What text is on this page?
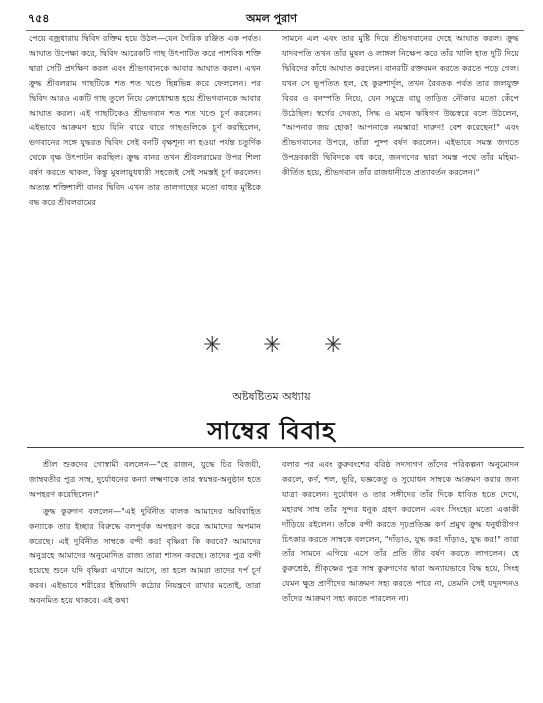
৭৫৪	অমল পুরাণ

পেয়ে বজ্রধারায় দ্বিবিদ রক্তিম হয়ে উঠল—যেন গৈরিক রঞ্জিত এক পর্বত। আঘাত উপেক্ষা করে, দ্বিবিদ আরেকটি গাছ উৎপাটিত করে পাশবিক শক্তি দ্বারা সেটি প্রদক্ষিণ করল এবং শ্রীভগবানকে আবার আঘাত করল। এখন ক্রুদ্ধ শ্রীবলরাম গাছটিকে শত শত খণ্ডে ছিন্নভিন্ন করে ফেললেন। পর দ্বিবিদ আরও একটি গাছ তুলে নিয়ে ক্রোধোন্মত্ত হয়ে শ্রীভগবানকে আবার আঘাত করল। এই গাছটিকেও শ্রীভগবান শত শত খণ্ডে চূর্ণ করলেন। এইভাবে আক্রমণ হয়ে যিনি বারে বারে গাছগুলিকে চূর্ণ করছিলেন, ভগবানের সঙ্গে যুদ্ধরত দ্বিবিদ সেই বনটি বৃক্ষশূন্য না হওয়া পর্যন্ত চতুর্দিক থেকে বৃক্ষ উৎপাটন করছিল। ক্রুদ্ধ বানর তখন শ্রীবলরামের উপর শিলা বর্ষণ করতে থাকল, কিন্তু মুষলায়ুধধারী সহজেই সেই সমস্তই চূর্ণ করলেন। অত্যন্ত শক্তিশালী বানর দ্বিবিদ এখন তার তালগাছের মতো বাহুর মুষ্টিকে বদ্ধ করে শ্রীবলরামের

সামনে এল এবং তার মুষ্টি দিয়ে শ্রীভগবানের দেহে আঘাত করল। ক্রুদ্ধ যাদবপতি তখন তাঁর মুষল ও লাঙ্গল নিক্ষেপ করে তাঁর খালি হাত দুটি দিয়ে দ্বিবিদের কাঁধে আঘাত করলেন। বানরটি রক্তবমন করতে করতে পড়ে গেল। যখন সে ভূপতিত হল, হে কুরুশার্দূল, তখন রৈবতক পর্বত তার জলযুক্ত বিবর ও বনস্পতি নিয়ে, যেন সমুদ্রে বায়ু তাড়িত নৌকার মতো কেঁপে উঠেছিল। স্বর্গের দেবতা, সিদ্ধ ও মহান ঋষিগণ উচ্চস্বরে বলে উঠলেন, "আপনার জয় হোক! আপনাকে নমস্কার! দারুণ! বেশ করেছেন!" এবং শ্রীভগবানের উপরে, তাঁরা পুষ্প বর্ষণ করলেন। এইভাবে সমস্ত জগতে উপদ্রবকারী দ্বিবিদকে বধ করে, জনগণের দ্বারা সমস্ত পথে তাঁর মহিমা-কীর্তিত হয়ে, শ্রীভগবান তাঁর রাজধানীতে প্রত্যাবর্তন করলেন।"

✳ ✳ ✳
অষ্টষষ্টিতম অধ্যায়
সাম্বের বিবাহ

শ্রীল শুকদেব গোস্বামী বললেন—"হে রাজন, যুদ্ধে চির বিজয়ী, জাম্ববতীর পুত্র সাম্ব, দুর্যোধনের কন্যা লক্ষ্মণাকে তার স্বয়ম্বর-অনুষ্ঠান হতে অপহরণ করেছিলেন।"

ক্রুদ্ধ কুরুগণ বললেন—"এই দুর্বিনীত বালক আমাদের অবিবাহিত কন্যাকে তার ইচ্ছার বিরুদ্ধে বলপূর্বক অপহরণ করে আমাদের অপমান করেছে। এই দুর্বিনীত সাম্বকে বন্দী কর! বৃষ্ণিরা কি করবে? আমাদের অনুগ্রহে আমাদের অনুমোদিত রাজ্য তারা শাসন করছে। তাদের পুত্র বন্দী হয়েছে শুনে যদি বৃষ্ণিরা এখানে আসে, তা হলে আমরা তাদের দর্প চূর্ণ করব। এইভাবে শরীরের ইন্দ্রিয়াদি কঠোর নিয়ন্ত্রণে রাখার মতোই, তারা অবনমিত হয়ে থাকবে। এই কথা

বলার পর এবং কুরুবংশের বরিষ্ঠ সদস্যগণ তাঁদের পরিকল্পনা অনুমোদন করলে, কর্ণ, শল, ভূরি, যজ্ঞকেতু ও সুযোধন সাম্বকে আক্রমণ করার জন্য যাত্রা করলেন। দুর্যোধন ও তার সঙ্গীদের তাঁর দিকে ধাবিত হতে দেখে, মহারথ সাম্ব তাঁর সুন্দর ধনুক গ্রহণ করলেন এবং সিংহের মতো একাকী দাঁড়িয়ে রইলেন। তাঁকে বন্দী করতে দৃঢ়প্রতিজ্ঞ কর্ণ প্রমুখ ক্রুদ্ধ ধনুর্ধারীগণ চিৎকার করতে সাম্বকে বললেন, "দাঁড়াও, যুদ্ধ কর! দাঁড়াও, যুদ্ধ কর!" তারা তাঁর সামনে এগিয়ে এসে তাঁর প্রতি তীর বর্ষণ করতে লাগলেন। হে কুরুশ্রেষ্ঠ, শ্রীকৃষ্ণের পুত্র সাম্ব কুরুগণের দ্বারা অন্যায়ভাবে বিদ্ধ হয়ে, সিংহ যেমন ক্ষুদ্র প্রাণীদের আক্রমণ সহ্য করতে পারে না, তেমনি সেই যদুনন্দনও তাঁদের আক্রমণ সহ্য করতে পারলেন না।
